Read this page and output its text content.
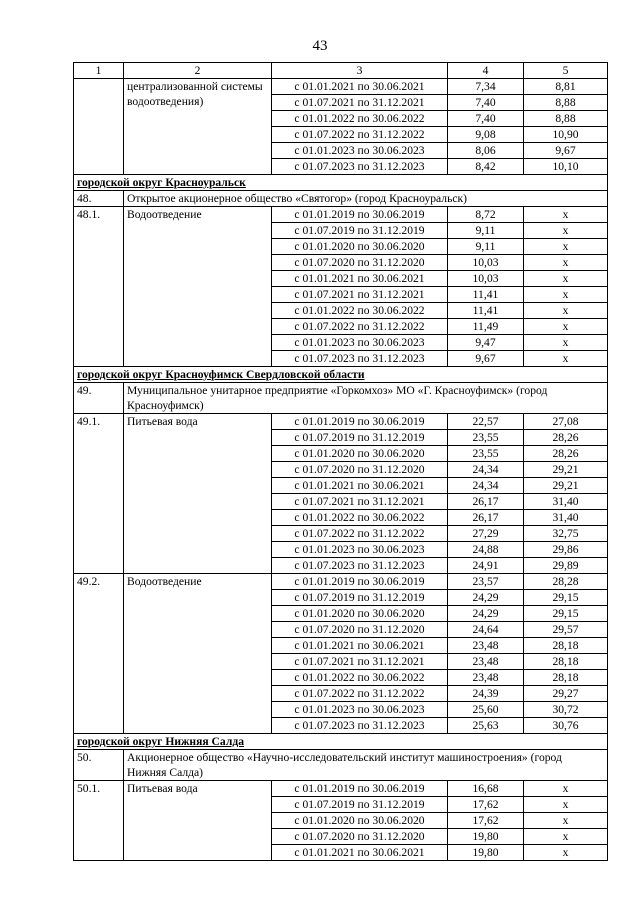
43
1	2	3	4	5
	централизованной системы водоотведения)	с 01.01.2021 по 30.06.2021	7,34	8,81
		с 01.07.2021 по 31.12.2021	7,40	8,88
		с 01.01.2022 по 30.06.2022	7,40	8,88
		с 01.07.2022 по 31.12.2022	9,08	10,90
		с 01.01.2023 по 30.06.2023	8,06	9,67
		с 01.07.2023 по 31.12.2023	8,42	10,10
городской округ Красноуральск				
48.	Открытое акционерное общество «Святогор» (город Красноуральск)			
48.1.	Водоотведение	с 01.01.2019 по 30.06.2019	8,72	х
		с 01.07.2019 по 31.12.2019	9,11	х
		с 01.01.2020 по 30.06.2020	9,11	х
		с 01.07.2020 по 31.12.2020	10,03	х
		с 01.01.2021 по 30.06.2021	10,03	х
		с 01.07.2021 по 31.12.2021	11,41	х
		с 01.01.2022 по 30.06.2022	11,41	х
		с 01.07.2022 по 31.12.2022	11,49	х
		с 01.01.2023 по 30.06.2023	9,47	х
		с 01.07.2023 по 31.12.2023	9,67	х
городской округ Красноуфимск Свердловской области				
49.	Муниципальное унитарное предприятие «Горкомхоз» МО «Г. Красноуфимск» (город Красноуфимск)			
49.1.	Питьевая вода	с 01.01.2019 по 30.06.2019	22,57	27,08
		с 01.07.2019 по 31.12.2019	23,55	28,26
		с 01.01.2020 по 30.06.2020	23,55	28,26
		с 01.07.2020 по 31.12.2020	24,34	29,21
		с 01.01.2021 по 30.06.2021	24,34	29,21
		с 01.07.2021 по 31.12.2021	26,17	31,40
		с 01.01.2022 по 30.06.2022	26,17	31,40
		с 01.07.2022 по 31.12.2022	27,29	32,75
		с 01.01.2023 по 30.06.2023	24,88	29,86
		с 01.07.2023 по 31.12.2023	24,91	29,89
49.2.	Водоотведение	с 01.01.2019 по 30.06.2019	23,57	28,28
		с 01.07.2019 по 31.12.2019	24,29	29,15
		с 01.01.2020 по 30.06.2020	24,29	29,15
		с 01.07.2020 по 31.12.2020	24,64	29,57
		с 01.01.2021 по 30.06.2021	23,48	28,18
		с 01.07.2021 по 31.12.2021	23,48	28,18
		с 01.01.2022 по 30.06.2022	23,48	28,18
		с 01.07.2022 по 31.12.2022	24,39	29,27
		с 01.01.2023 по 30.06.2023	25,60	30,72
		с 01.07.2023 по 31.12.2023	25,63	30,76
городской округ Нижняя Салда				
50.	Акционерное общество «Научно-исследовательский институт машиностроения» (город Нижняя Салда)			
50.1.	Питьевая вода	с 01.01.2019 по 30.06.2019	16,68	х
		с 01.07.2019 по 31.12.2019	17,62	х
		с 01.01.2020 по 30.06.2020	17,62	х
		с 01.07.2020 по 31.12.2020	19,80	х
		с 01.01.2021 по 30.06.2021	19,80	х
